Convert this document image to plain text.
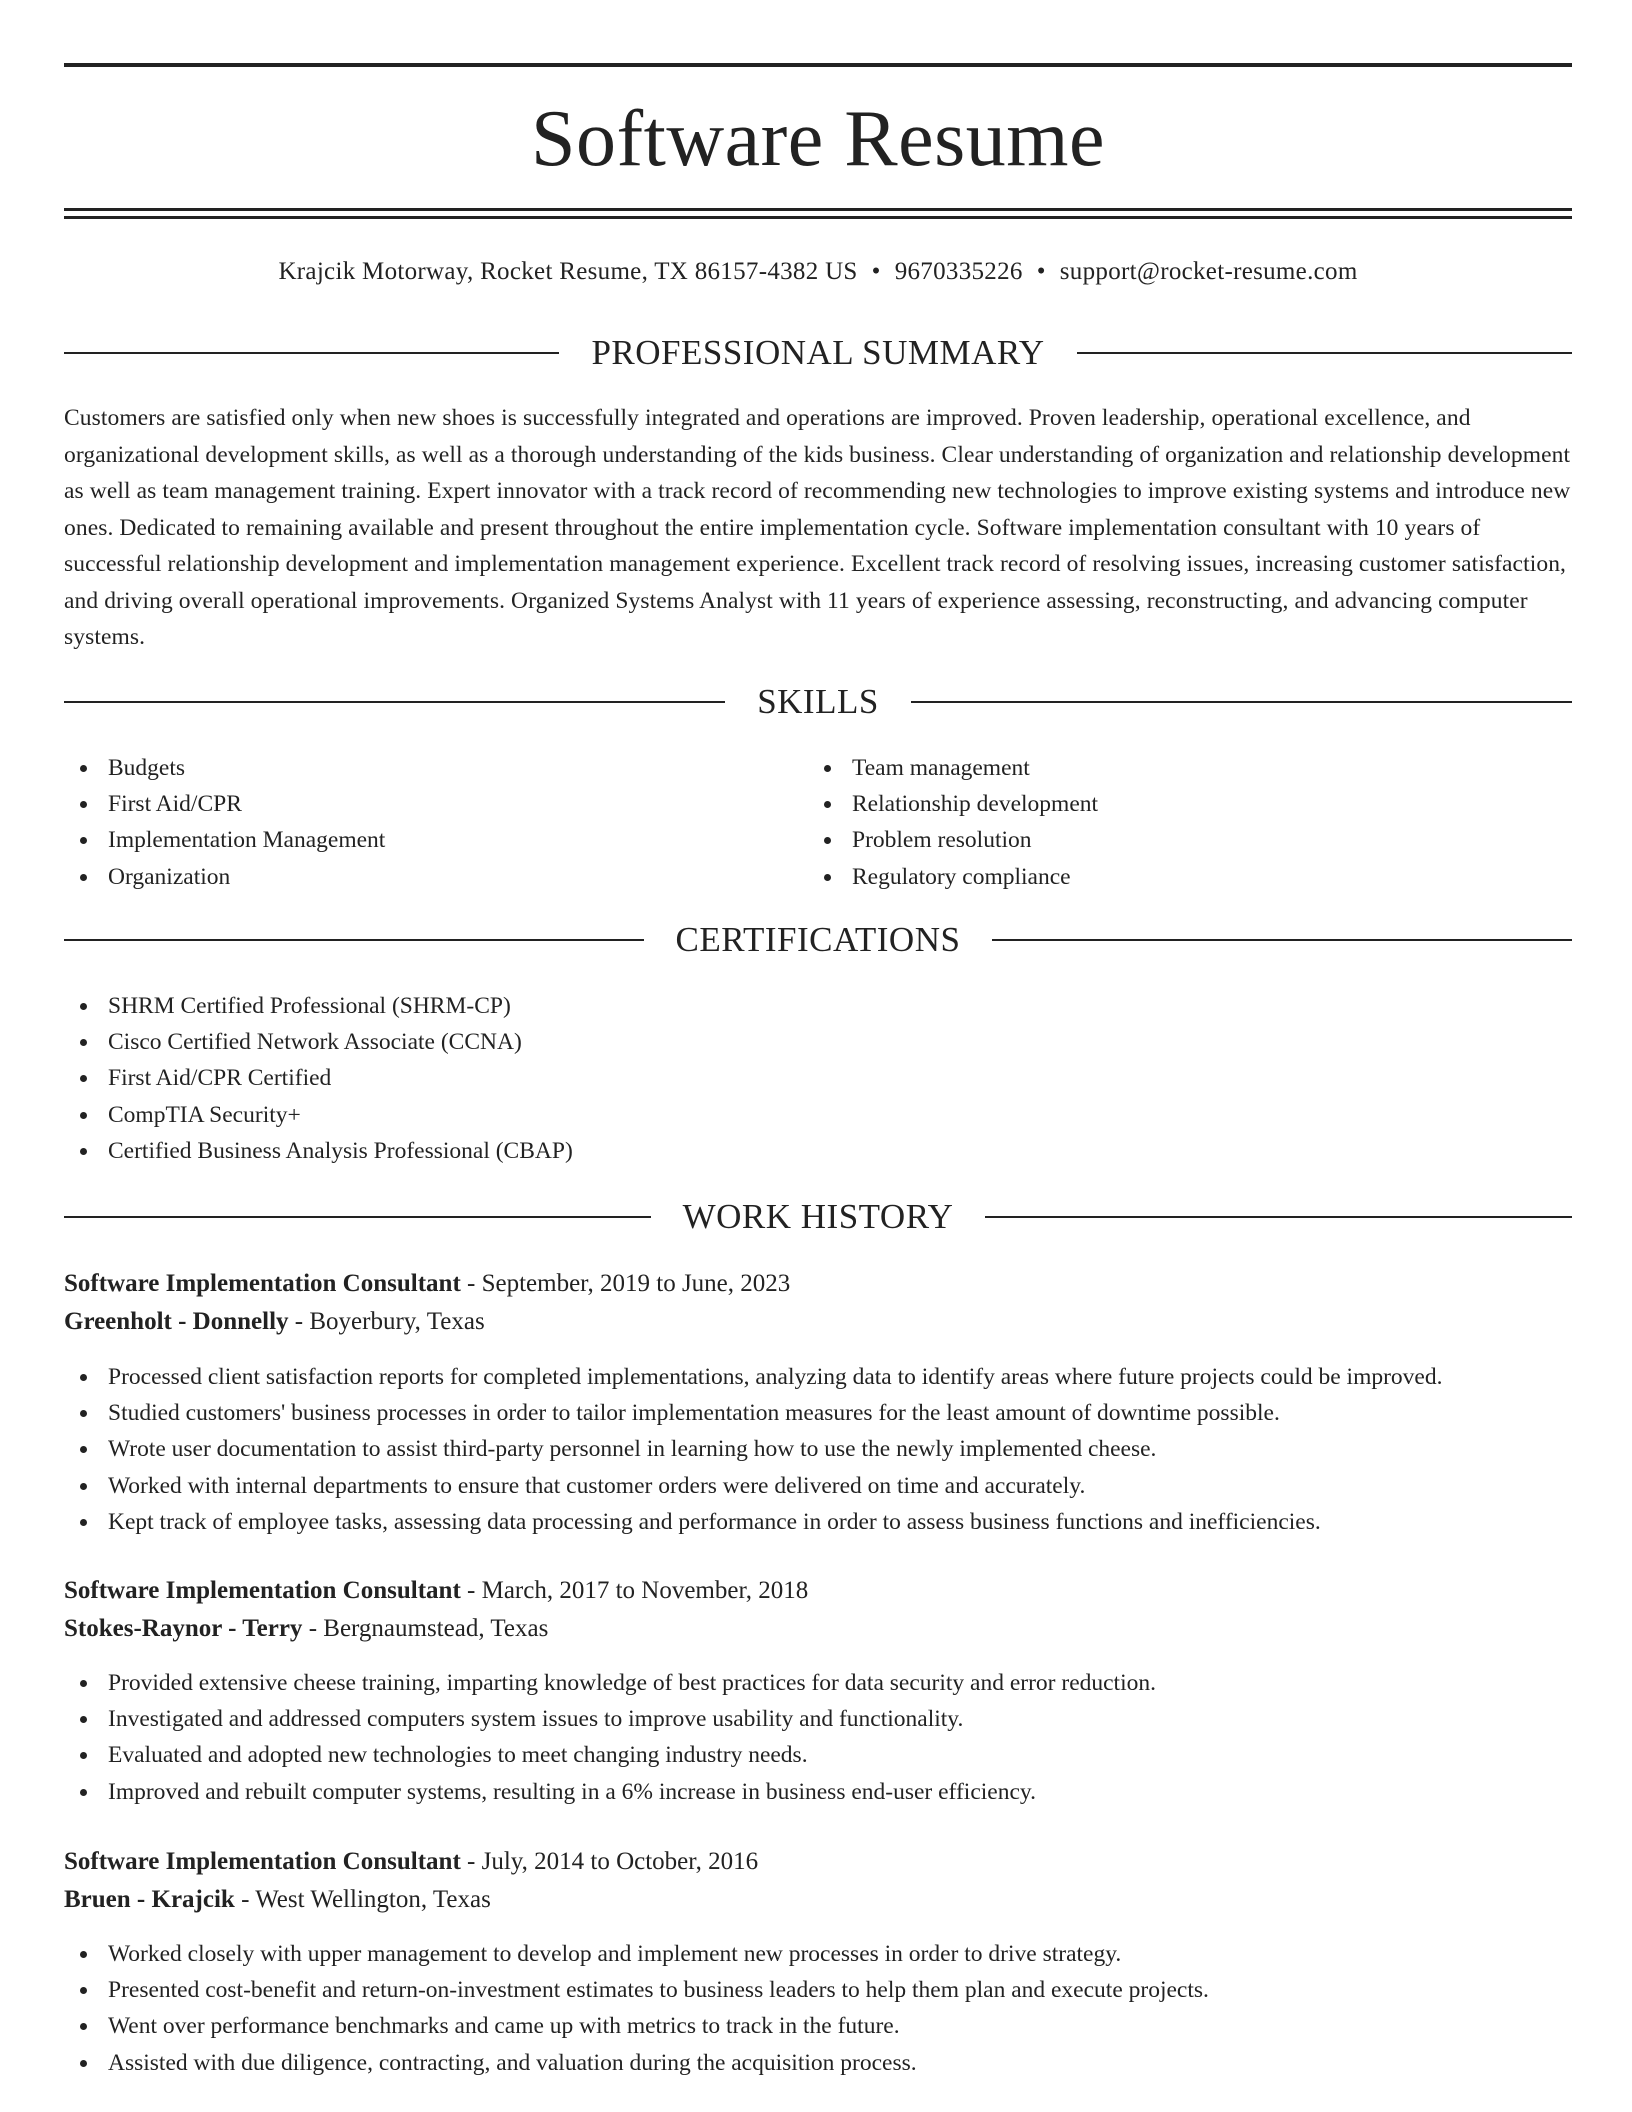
Software Resume
Krajcik Motorway, Rocket Resume, TX 86157-4382 US • 9670335226 • support@rocket-resume.com
PROFESSIONAL SUMMARY
Customers are satisfied only when new shoes is successfully integrated and operations are improved. Proven leadership, operational excellence, and organizational development skills, as well as a thorough understanding of the kids business. Clear understanding of organization and relationship development as well as team management training. Expert innovator with a track record of recommending new technologies to improve existing systems and introduce new ones. Dedicated to remaining available and present throughout the entire implementation cycle. Software implementation consultant with 10 years of successful relationship development and implementation management experience. Excellent track record of resolving issues, increasing customer satisfaction, and driving overall operational improvements. Organized Systems Analyst with 11 years of experience assessing, reconstructing, and advancing computer systems.
SKILLS
Budgets
First Aid/CPR
Implementation Management
Organization
Team management
Relationship development
Problem resolution
Regulatory compliance
CERTIFICATIONS
SHRM Certified Professional (SHRM-CP)
Cisco Certified Network Associate (CCNA)
First Aid/CPR Certified
CompTIA Security+
Certified Business Analysis Professional (CBAP)
WORK HISTORY
Software Implementation Consultant - September, 2019 to June, 2023
Greenholt - Donnelly - Boyerbury, Texas
Processed client satisfaction reports for completed implementations, analyzing data to identify areas where future projects could be improved.
Studied customers' business processes in order to tailor implementation measures for the least amount of downtime possible.
Wrote user documentation to assist third-party personnel in learning how to use the newly implemented cheese.
Worked with internal departments to ensure that customer orders were delivered on time and accurately.
Kept track of employee tasks, assessing data processing and performance in order to assess business functions and inefficiencies.
Software Implementation Consultant - March, 2017 to November, 2018
Stokes-Raynor - Terry - Bergnaumstead, Texas
Provided extensive cheese training, imparting knowledge of best practices for data security and error reduction.
Investigated and addressed computers system issues to improve usability and functionality.
Evaluated and adopted new technologies to meet changing industry needs.
Improved and rebuilt computer systems, resulting in a 6% increase in business end-user efficiency.
Software Implementation Consultant - July, 2014 to October, 2016
Bruen - Krajcik - West Wellington, Texas
Worked closely with upper management to develop and implement new processes in order to drive strategy.
Presented cost-benefit and return-on-investment estimates to business leaders to help them plan and execute projects.
Went over performance benchmarks and came up with metrics to track in the future.
Assisted with due diligence, contracting, and valuation during the acquisition process.
